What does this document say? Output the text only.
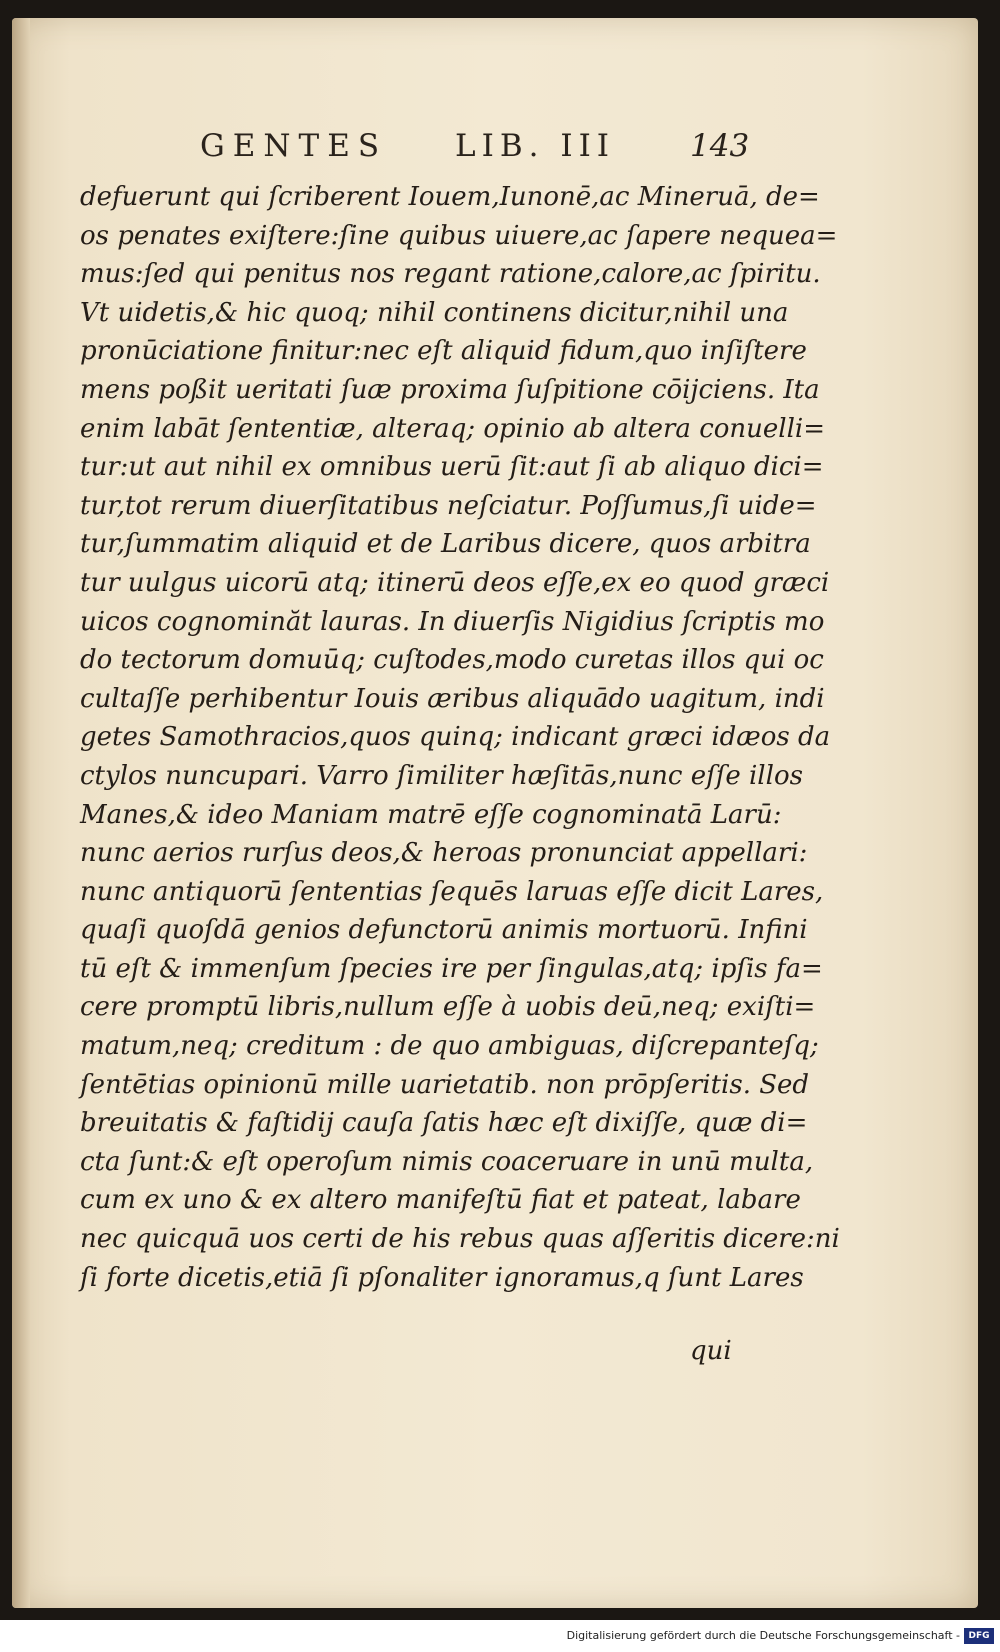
GENTES LIB. III 143
defuerunt qui ſcriberent Iouem,Iunonē,ac Mineruā, de=
os penates exiſtere:ſine quibus uiuere,ac ſapere nequea=
mus:ſed qui penitus nos regant ratione,calore,ac ſpiritu.
Vt uidetis,& hic quoq; nihil continens dicitur,nihil una
pronūciatione finitur:nec eſt aliquid fidum,quo inſiſtere
mens poßit ueritati ſuæ proxima ſuſpitione cōijciens. Ita
enim labāt ſententiæ, alteraq; opinio ab altera conuelli=
tur:ut aut nihil ex omnibus uerū ſit:aut ſi ab aliquo dici=
tur,tot rerum diuerſitatibus neſciatur. Poſſumus,ſi uide=
tur,ſummatim aliquid et de Laribus dicere, quos arbitra
tur uulgus uicorū atq; itinerū deos eſſe,ex eo quod græci
uicos cognominăt lauras. In diuerſis Nigidius ſcriptis mo
do tectorum domuūq; cuſtodes,modo curetas illos qui oc
cultaſſe perhibentur Iouis æribus aliquādo uagitum, indi
getes Samothracios,quos quinq; indicant græci idæos da
ctylos nuncupari. Varro ſimiliter hæſitās,nunc eſſe illos
Manes,& ideo Maniam matrē eſſe cognominatā Larū:
nunc aerios rurſus deos,& heroas pronunciat appellari:
nunc antiquorū ſententias ſequēs laruas eſſe dicit Lares,
quaſi quoſdā genios defunctorū animis mortuorū. Infini
tū eſt & immenſum ſpecies ire per ſingulas,atq; ipſis fa=
cere promptū libris,nullum eſſe à uobis deū,neq; exiſti=
matum,neq; creditum : de quo ambiguas, diſcrepanteſq;
ſentētias opinionū mille uarietatib. non prōpſeritis. Sed
breuitatis & faſtidij cauſa ſatis hæc eſt dixiſſe, quæ di=
cta ſunt:& eſt operoſum nimis coaceruare in unū multa,
cum ex uno & ex altero manifeſtū fiat et pateat, labare
nec quicquā uos certi de his rebus quas aſſeritis dicere:ni
ſi forte dicetis,etiā ſi pſonaliter ignoramus,q ſunt Lares
qui
Digitalisierung gefördert durch die Deutsche Forschungsgemeinschaft - DFG
